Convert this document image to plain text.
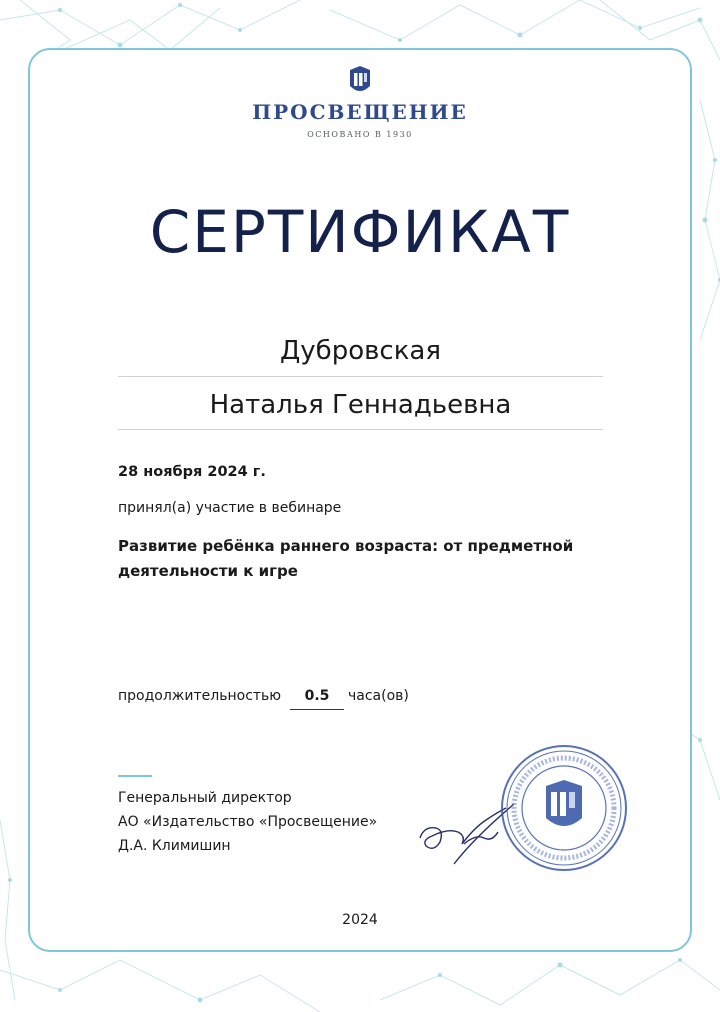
ПРОСВЕЩЕНИЕ
ОСНОВАНО В 1930
СЕРТИФИКАТ
Дубровская
Наталья Геннадьевна
28 ноября 2024 г.
принял(а) участие в вебинаре
Развитие ребёнка раннего возраста: от предметной деятельности к игре
продолжительностью	0.5	часа(ов)
Генеральный директор
АО «Издательство «Просвещение»
Д.А. Климишин
2024
